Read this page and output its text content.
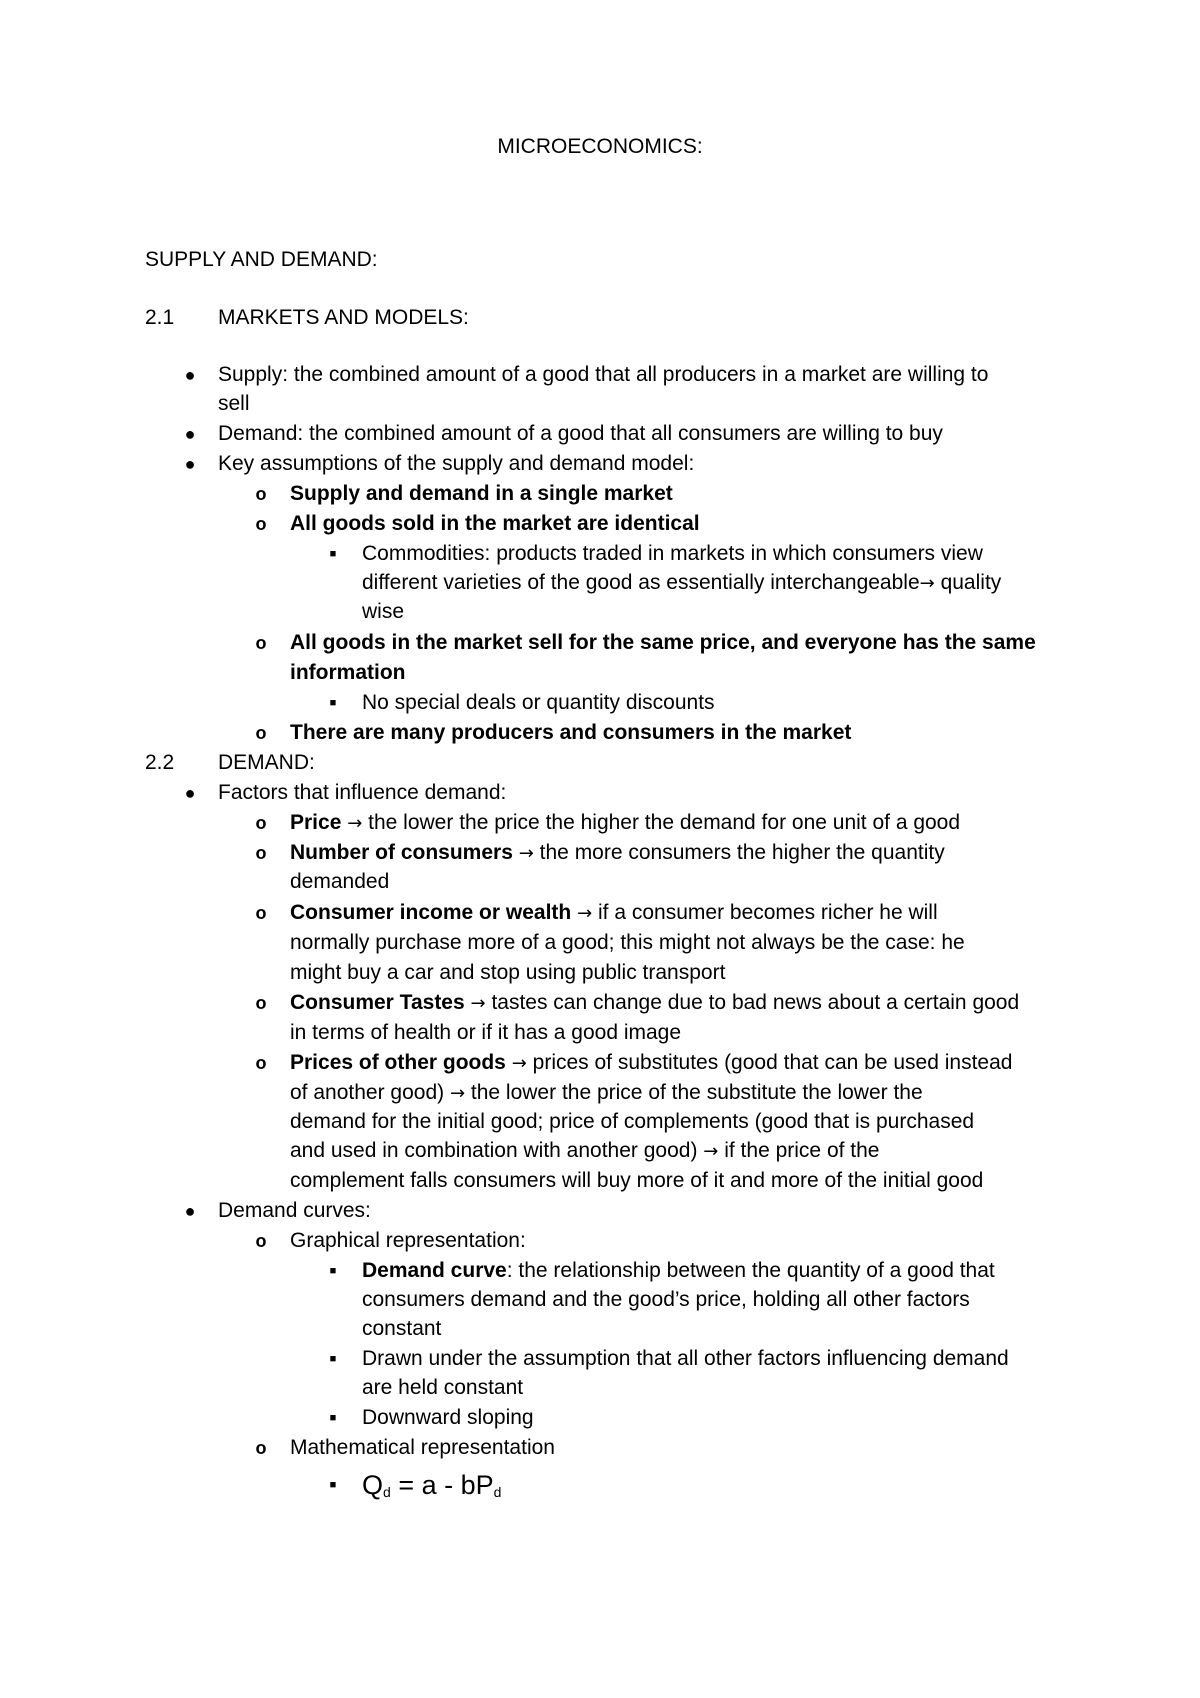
MICROECONOMICS:
SUPPLY AND DEMAND:
2.1 MARKETS AND MODELS:
● Supply: the combined amount of a good that all producers in a market are willing to
sell
● Demand: the combined amount of a good that all consumers are willing to buy
● Key assumptions of the supply and demand model:
o Supply and demand in a single market
o All goods sold in the market are identical
■	Commodities: products traded in markets in which consumers view
different varieties of the good as essentially interchangeable→ quality
wise
o All goods in the market sell for the same price, and everyone has the same
information
■	No special deals or quantity discounts
o There are many producers and consumers in the market
2.2 DEMAND:
● Factors that influence demand:
o Price → the lower the price the higher the demand for one unit of a good
o Number of consumers → the more consumers the higher the quantity
demanded
o Consumer income or wealth → if a consumer becomes richer he will
normally purchase more of a good; this might not always be the case: he
might buy a car and stop using public transport
o Consumer Tastes → tastes can change due to bad news about a certain good
in terms of health or if it has a good image
o Prices of other goods → prices of substitutes (good that can be used instead
of another good) → the lower the price of the substitute the lower the
demand for the initial good; price of complements (good that is purchased
and used in combination with another good) → if the price of the
complement falls consumers will buy more of it and more of the initial good
● Demand curves:
o Graphical representation:
■	Demand curve: the relationship between the quantity of a good that
consumers demand and the good’s price, holding all other factors
constant
■	Drawn under the assumption that all other factors influencing demand
are held constant
■	Downward sloping
o Mathematical representation
■ $Q_d = a - bP_d$
